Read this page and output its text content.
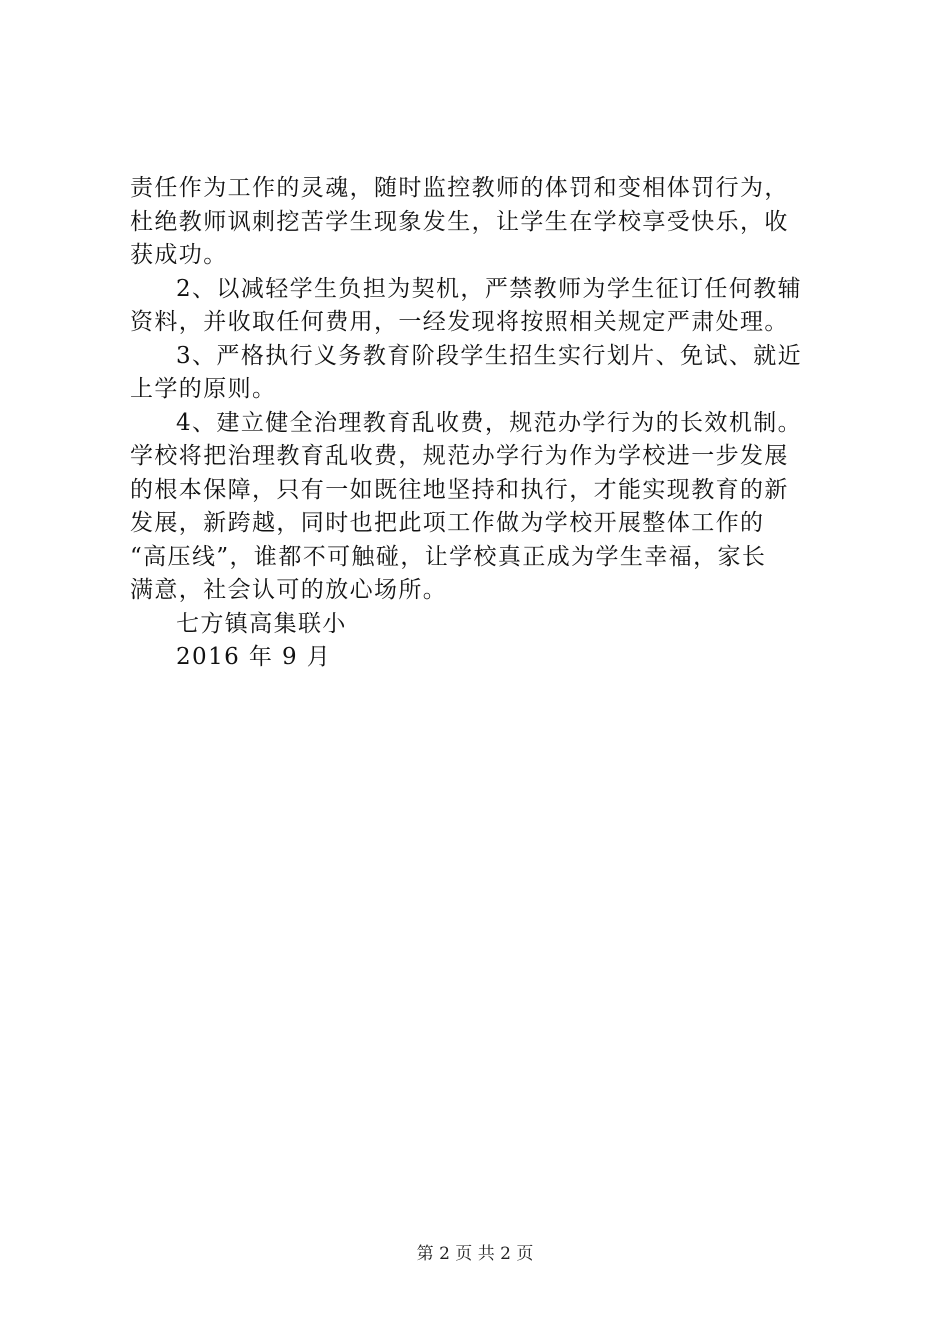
责任作为工作的灵魂，随时监控教师的体罚和变相体罚行为，
杜绝教师讽刺挖苦学生现象发生，让学生在学校享受快乐，收
获成功。
2、以减轻学生负担为契机，严禁教师为学生征订任何教辅
资料，并收取任何费用，一经发现将按照相关规定严肃处理。
3、严格执行义务教育阶段学生招生实行划片、免试、就近
上学的原则。
4、建立健全治理教育乱收费，规范办学行为的长效机制。
学校将把治理教育乱收费，规范办学行为作为学校进一步发展
的根本保障，只有一如既往地坚持和执行，才能实现教育的新
发展，新跨越，同时也把此项工作做为学校开展整体工作的
“高压线”，谁都不可触碰，让学校真正成为学生幸福，家长
满意，社会认可的放心场所。
七方镇高集联小
2016 年 9 月
第 2 页 共 2 页
